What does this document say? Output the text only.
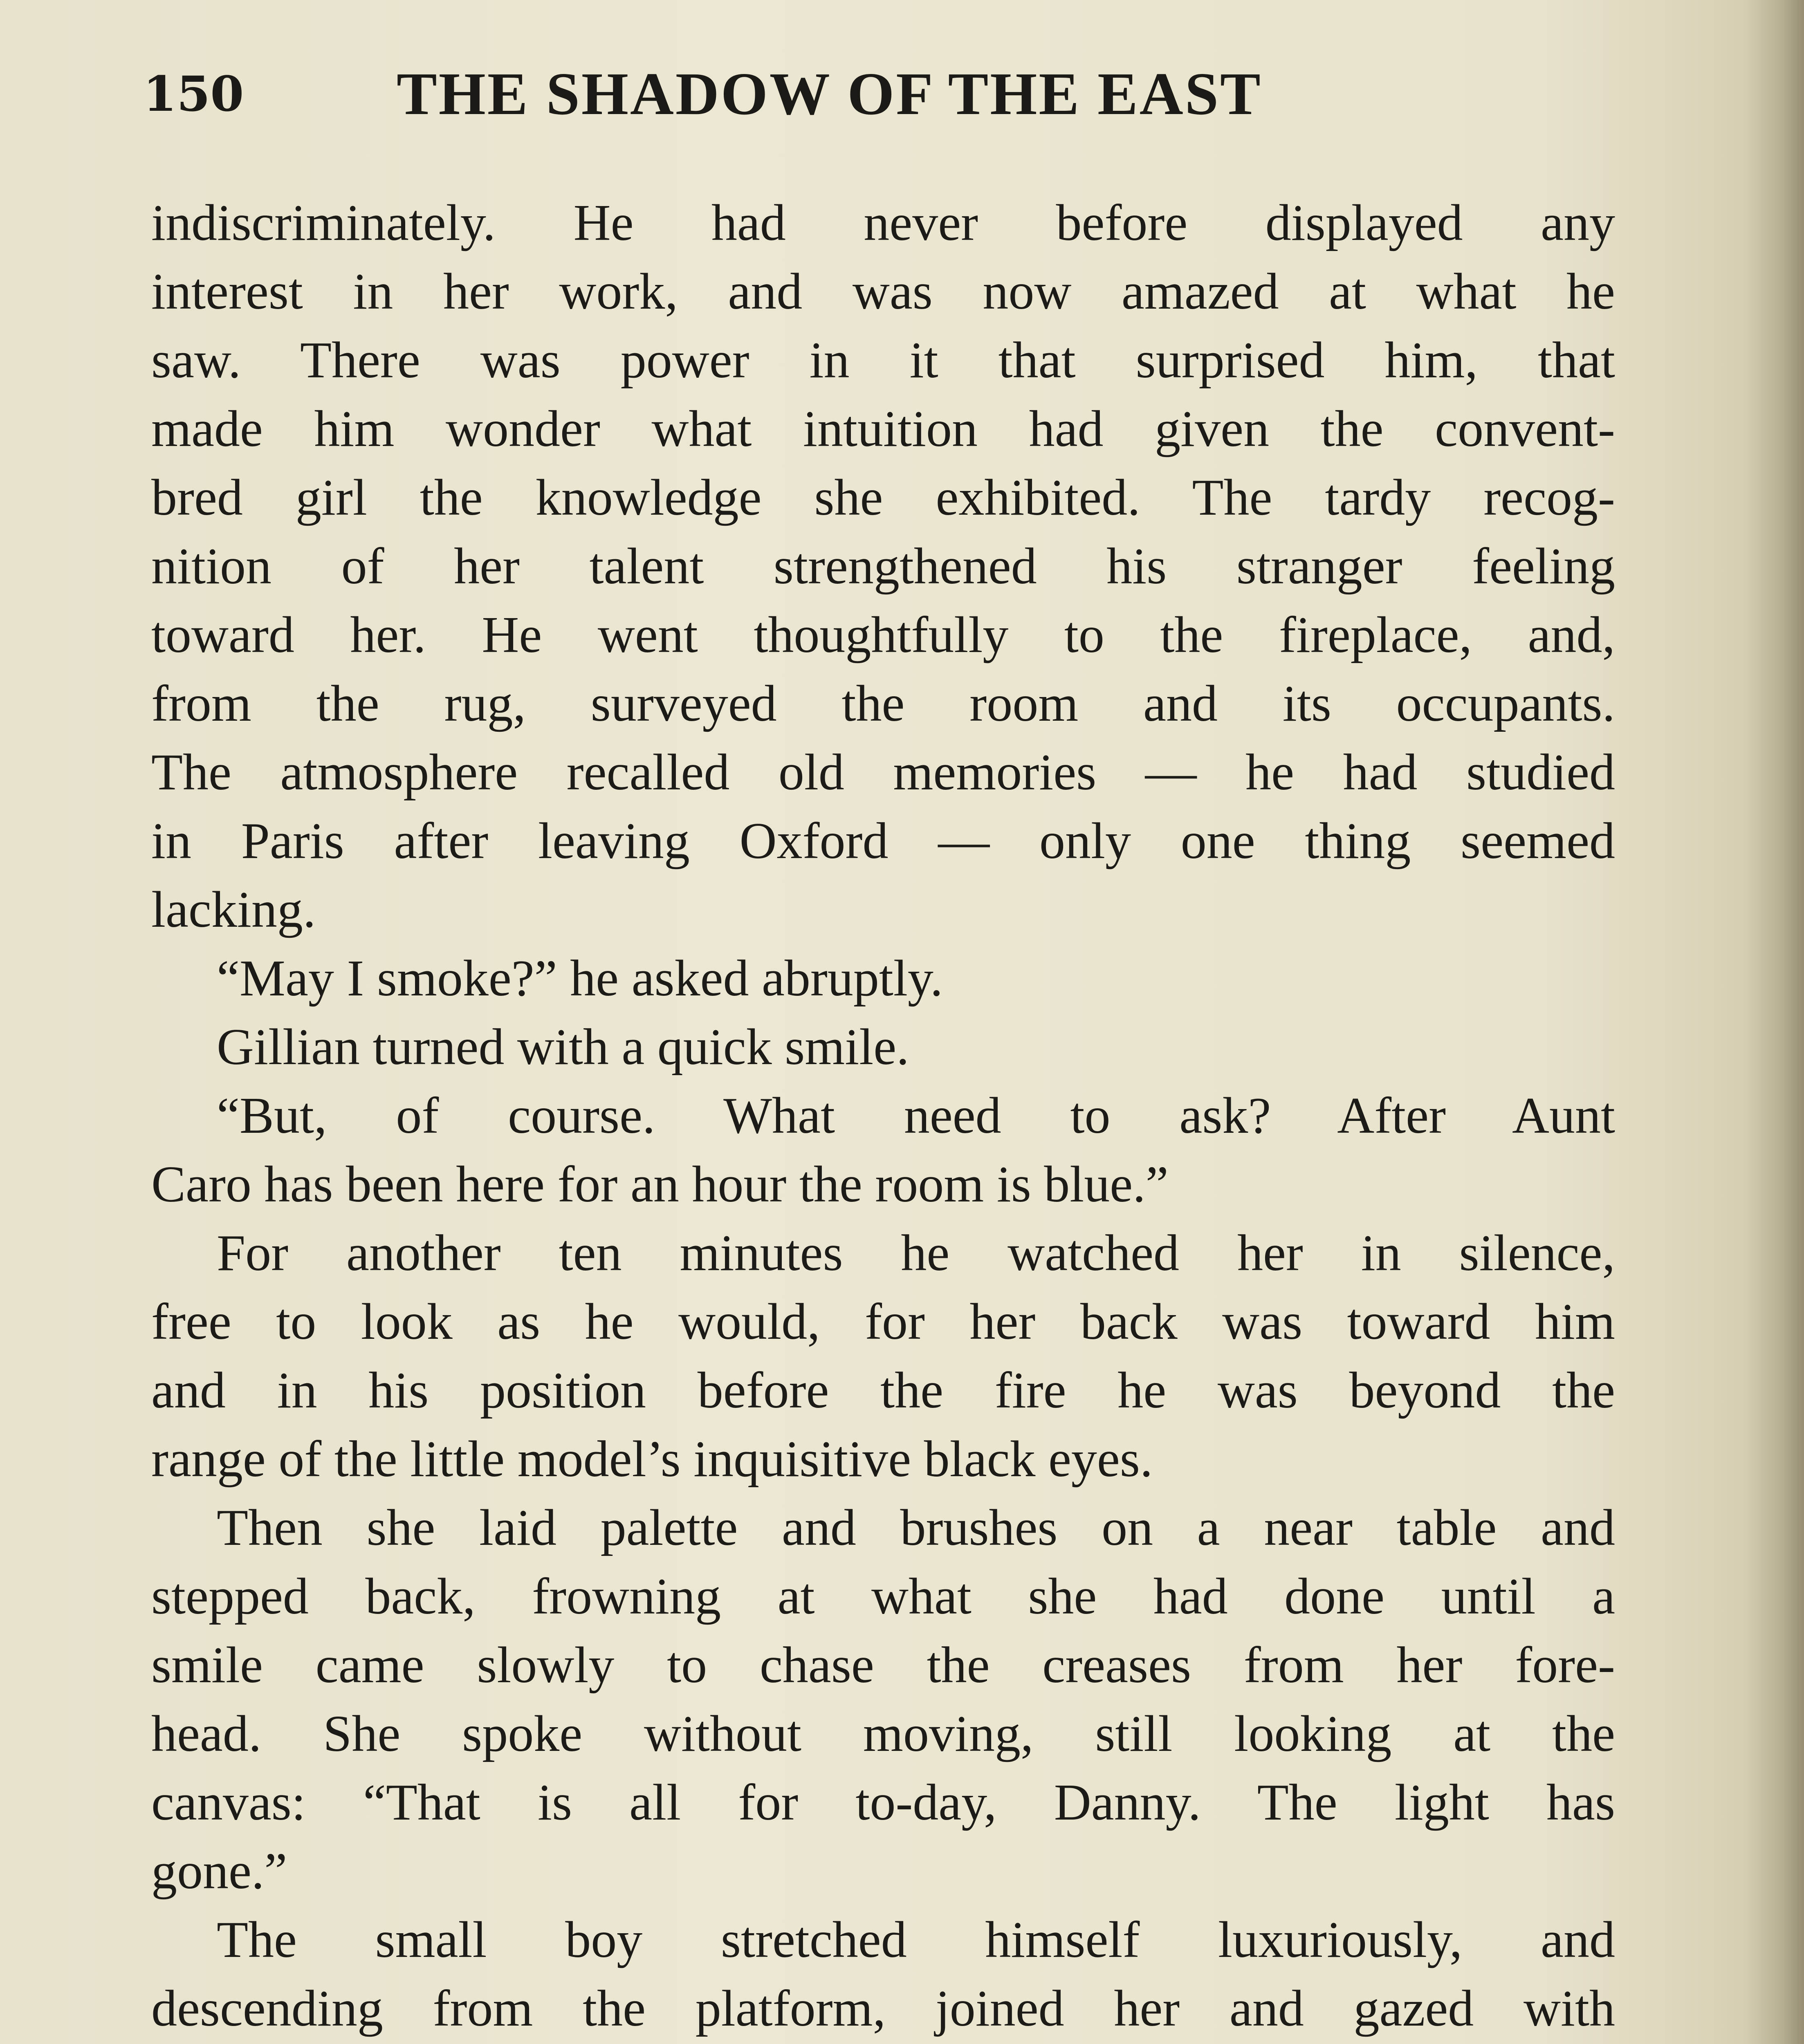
150	THE SHADOW OF THE EAST
indiscriminately. He had never before displayed any
interest in her work, and was now amazed at what he
saw. There was power in it that surprised him, that
made him wonder what intuition had given the convent-
bred girl the knowledge she exhibited. The tardy recog-
nition of her talent strengthened his stranger feeling
toward her. He went thoughtfully to the fireplace, and,
from the rug, surveyed the room and its occupants.
The atmosphere recalled old memories — he had studied
in Paris after leaving Oxford — only one thing seemed
lacking.
“May I smoke?” he asked abruptly.
Gillian turned with a quick smile.
“But, of course. What need to ask? After Aunt
Caro has been here for an hour the room is blue.”
For another ten minutes he watched her in silence,
free to look as he would, for her back was toward him
and in his position before the fire he was beyond the
range of the little model’s inquisitive black eyes.
Then she laid palette and brushes on a near table and
stepped back, frowning at what she had done until a
smile came slowly to chase the creases from her fore-
head. She spoke without moving, still looking at the
canvas: “That is all for to-day, Danny. The light has
gone.”
The small boy stretched himself luxuriously, and
descending from the platform, joined her and gazed with
